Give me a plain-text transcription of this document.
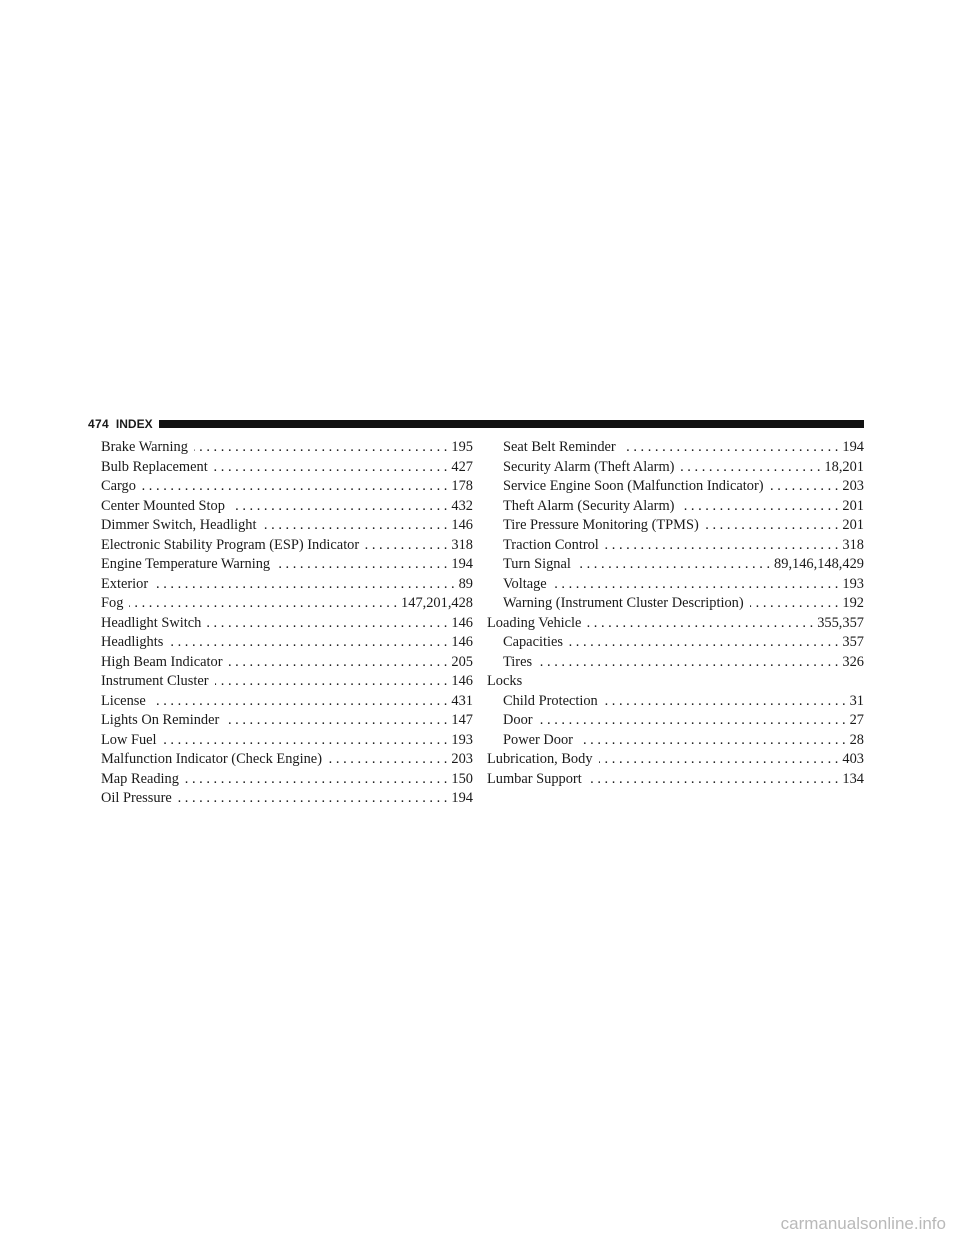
474 INDEX
Brake Warning . . .	195
Bulb Replacement . . .	427
Cargo . . .	178
Center Mounted Stop . . .	432
Dimmer Switch, Headlight . . .	146
Electronic Stability Program (ESP) Indicator . . .	318
Engine Temperature Warning . . .	194
Exterior . . .	89
Fog . . .	147,201,428
Headlight Switch . . .	146
Headlights . . .	146
High Beam Indicator . . .	205
Instrument Cluster . . .	146
License . . .	431
Lights On Reminder . . .	147
Low Fuel . . .	193
Malfunction Indicator (Check Engine) . . .	203
Map Reading . . .	150
Oil Pressure . . .	194
Seat Belt Reminder . . .	194
Security Alarm (Theft Alarm) . . .	18,201
Service Engine Soon (Malfunction Indicator) . . .	203
Theft Alarm (Security Alarm) . . .	201
Tire Pressure Monitoring (TPMS) . . .	201
Traction Control . . .	318
Turn Signal . . .	89,146,148,429
Voltage . . .	193
Warning (Instrument Cluster Description) . . .	192
Loading Vehicle . . .	355,357
Capacities . . .	357
Tires . . .	326
Locks
Child Protection . . .	31
Door . . .	27
Power Door . . .	28
Lubrication, Body . . .	403
Lumbar Support . . .	134
carmanualsonline.info
